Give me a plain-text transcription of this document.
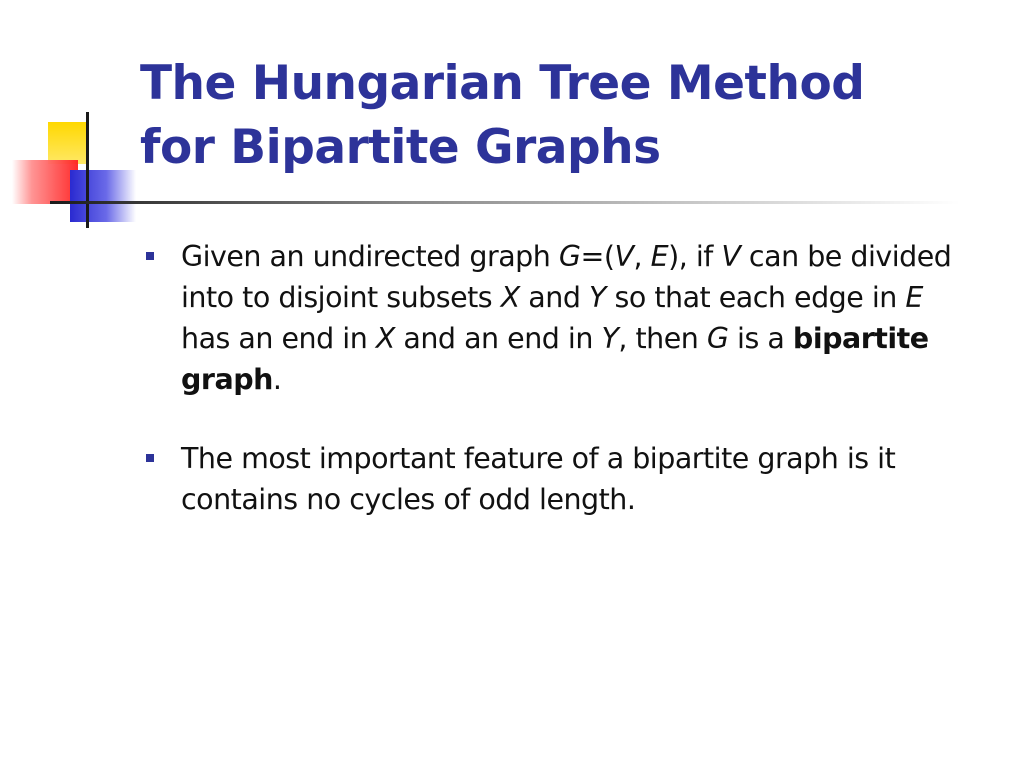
The Hungarian Tree Method
for Bipartite Graphs
Given an undirected graph G=(V, E), if V can be divided into to disjoint subsets X and Y so that each edge in E has an end in X and an end in Y, then G is a bipartite graph.
The most important feature of a bipartite graph is it contains no cycles of odd length.
